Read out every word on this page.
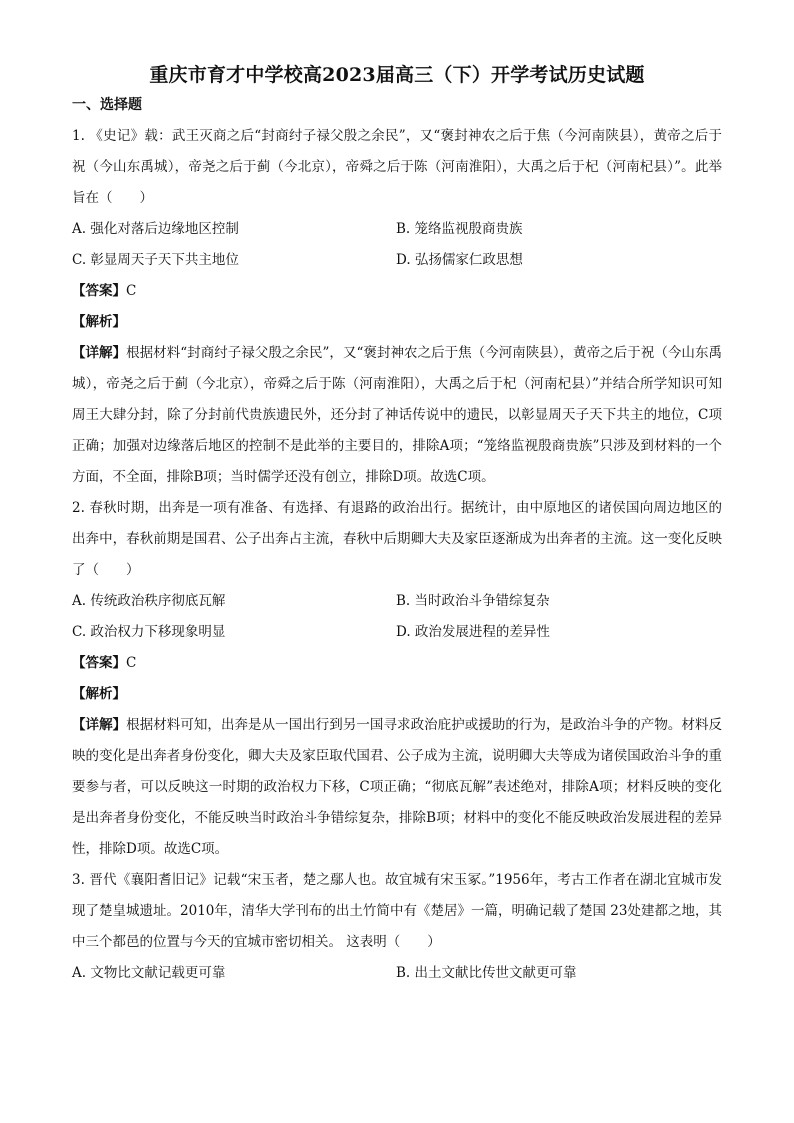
重庆市育才中学校高2023届高三（下）开学考试历史试题
一、选择题

1. 《史记》载：武王灭商之后“封商纣子禄父殷之余民”，又“褒封神农之后于焦（今河南陕县），黄帝之后于祝（今山东禹城），帝尧之后于蓟（今北京），帝舜之后于陈（河南淮阳），大禹之后于杞（河南杞县）”。此举旨在（　　）

A. 强化对落后边缘地区控制	B. 笼络监视殷商贵族
C. 彰显周天子天下共主地位	D. 弘扬儒家仁政思想
【答案】C
【解析】

【详解】根据材料“封商纣子禄父殷之余民”，又“褒封神农之后于焦（今河南陕县），黄帝之后于祝（今山东禹城），帝尧之后于蓟（今北京），帝舜之后于陈（河南淮阳），大禹之后于杞（河南杞县）”并结合所学知识可知周王大肆分封，除了分封前代贵族遗民外，还分封了神话传说中的遗民，以彰显周天子天下共主的地位，C项正确；加强对边缘落后地区的控制不是此举的主要目的，排除A项；“笼络监视殷商贵族”只涉及到材料的一个方面，不全面，排除B项；当时儒学还没有创立，排除D项。故选C项。

2. 春秋时期，出奔是一项有准备、有选择、有退路的政治出行。据统计，由中原地区的诸侯国向周边地区的出奔中，春秋前期是国君、公子出奔占主流，春秋中后期卿大夫及家臣逐渐成为出奔者的主流。这一变化反映了（　　）

A. 传统政治秩序彻底瓦解	B. 当时政治斗争错综复杂
C. 政治权力下移现象明显	D. 政治发展进程的差异性
【答案】C
【解析】

【详解】根据材料可知，出奔是从一国出行到另一国寻求政治庇护或援助的行为，是政治斗争的产物。材料反映的变化是出奔者身份变化，卿大夫及家臣取代国君、公子成为主流，说明卿大夫等成为诸侯国政治斗争的重要参与者，可以反映这一时期的政治权力下移，C项正确；“彻底瓦解”表述绝对，排除A项；材料反映的变化是出奔者身份变化，不能反映当时政治斗争错综复杂，排除B项；材料中的变化不能反映政治发展进程的差异性，排除D项。故选C项。

3. 晋代《襄阳耆旧记》记载“宋玉者，楚之鄢人也。故宜城有宋玉冢。”1956年，考古工作者在湖北宜城市发现了楚皇城遗址。2010年，清华大学刊布的出土竹简中有《楚居》一篇，明确记载了楚国 23处建都之地，其中三个都邑的位置与今天的宜城市密切相关。 这表明（　　）

A. 文物比文献记载更可靠	B. 出土文献比传世文献更可靠
